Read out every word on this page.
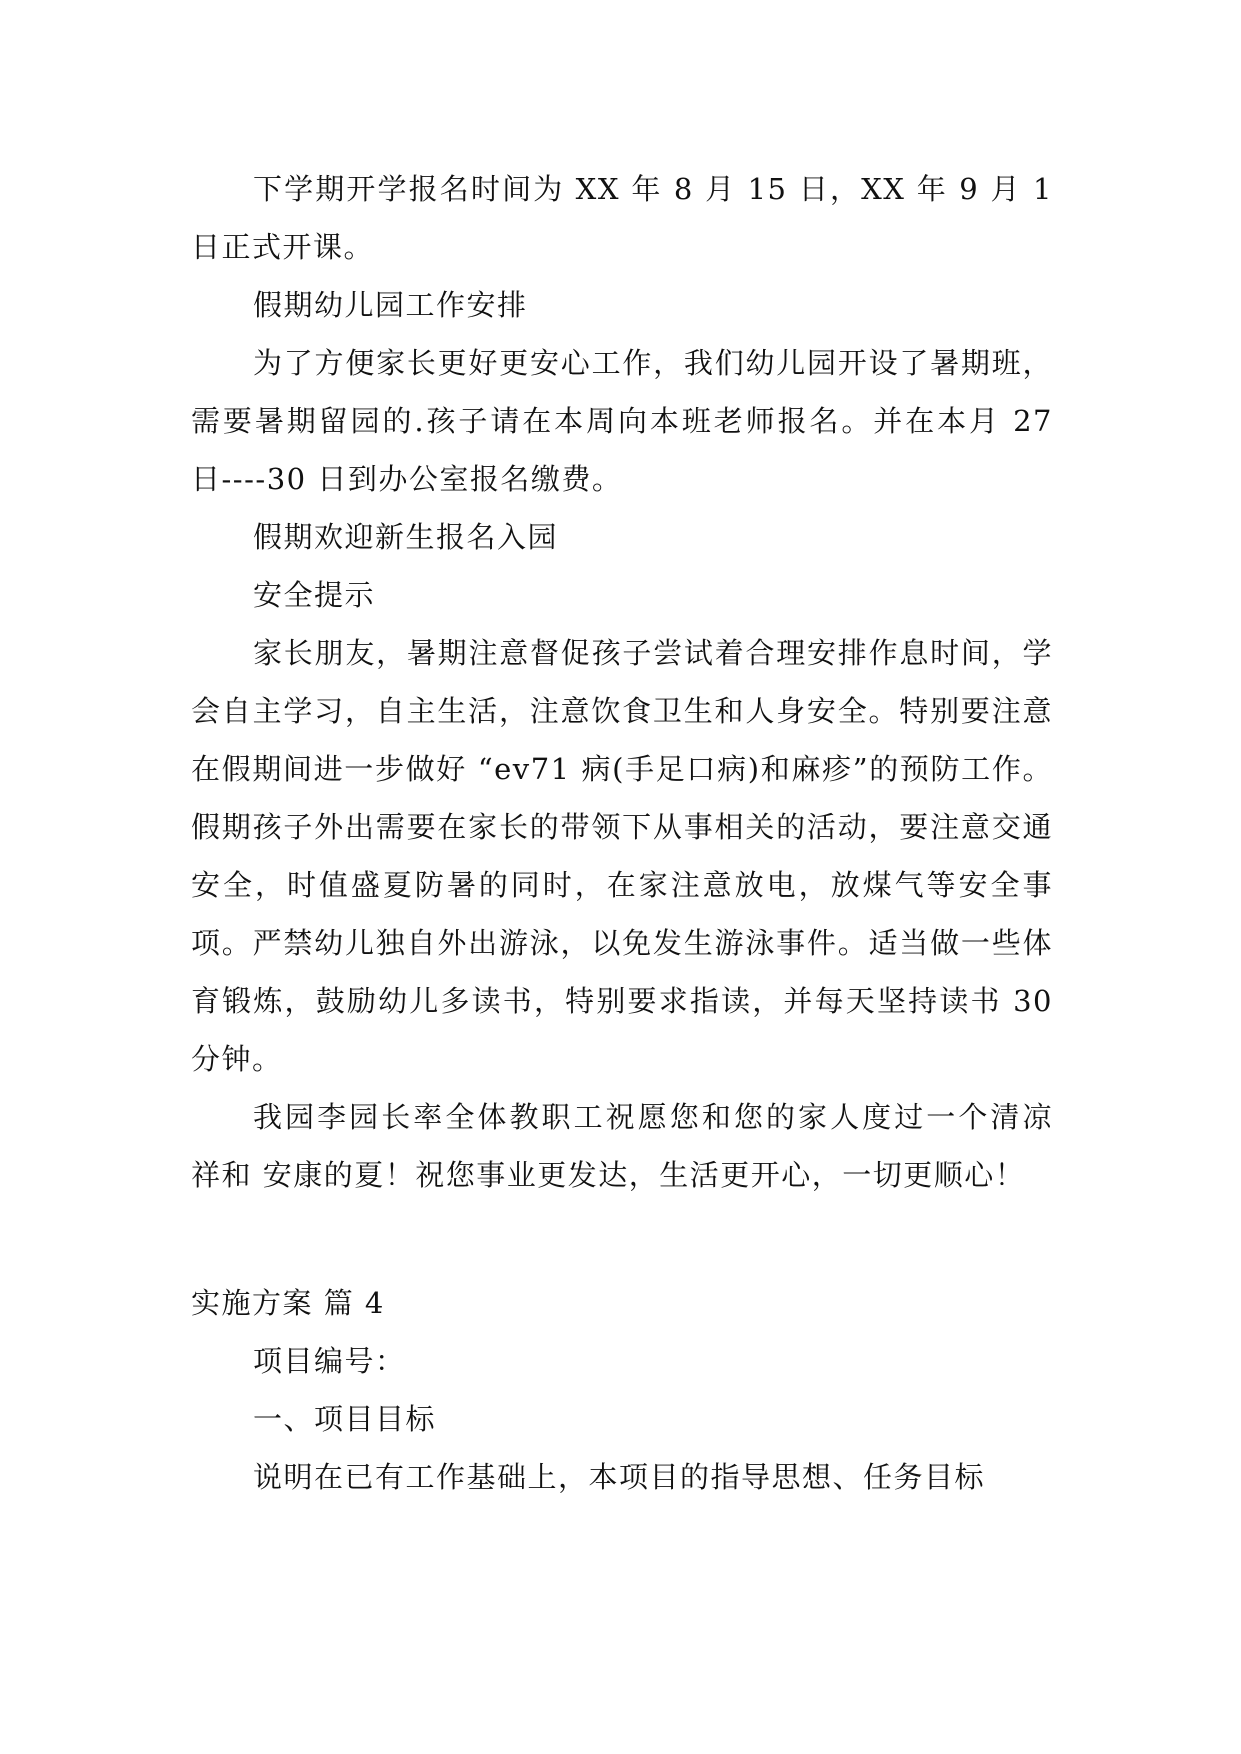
下学期开学报名时间为 XX 年 8 月 15 日，XX 年 9 月 1 日正式开课。

假期幼儿园工作安排

为了方便家长更好更安心工作，我们幼儿园开设了暑期班，需要暑期留园的.孩子请在本周向本班老师报名。并在本月 27 日----30 日到办公室报名缴费。

假期欢迎新生报名入园

安全提示

家长朋友，暑期注意督促孩子尝试着合理安排作息时间，学会自主学习，自主生活，注意饮食卫生和人身安全。特别要注意在假期间进一步做好 “ev71 病(手足口病)和麻疹”的预防工作。假期孩子外出需要在家长的带领下从事相关的活动，要注意交通安全，时值盛夏防暑的同时，在家注意放电，放煤气等安全事项。严禁幼儿独自外出游泳，以免发生游泳事件。适当做一些体育锻炼，鼓励幼儿多读书，特别要求指读，并每天坚持读书 30 分钟。

我园李园长率全体教职工祝愿您和您的家人度过一个清凉 祥和 安康的夏！祝您事业更发达，生活更开心，一切更顺心！

实施方案 篇 4

项目编号：

一、项目目标

说明在已有工作基础上，本项目的指导思想、任务目标
